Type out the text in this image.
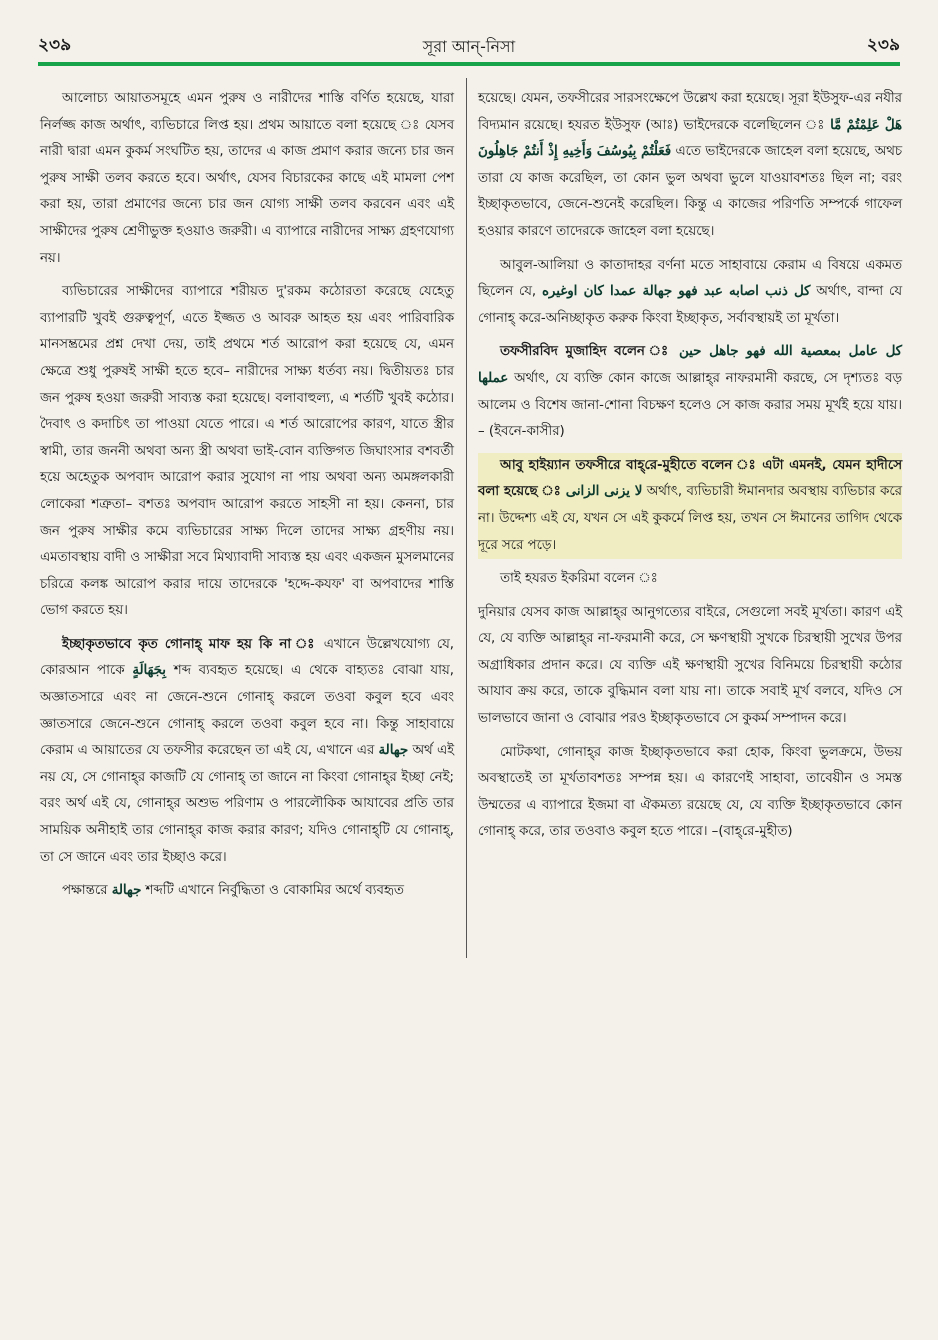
২৩৯	সূরা আন্‌-নিসা	২৩৯

আলোচ্য আয়াতসমূহে এমন পুরুষ ও নারীদের শাস্তি বর্ণিত হয়েছে, যারা নির্লজ্জ কাজ অর্থাৎ, ব্যভিচারে লিপ্ত হয়। প্রথম আয়াতে বলা হয়েছে ঃ যেসব নারী দ্বারা এমন কুকর্ম সংঘটিত হয়, তাদের এ কাজ প্রমাণ করার জন্যে চার জন পুরুষ সাক্ষী তলব করতে হবে। অর্থাৎ, যেসব বিচারকের কাছে এই মামলা পেশ করা হয়, তারা প্রমাণের জন্যে চার জন যোগ্য সাক্ষী তলব করবেন এবং এই সাক্ষীদের পুরুষ শ্রেণীভুক্ত হওয়াও জরুরী। এ ব্যাপারে নারীদের সাক্ষ্য গ্রহণযোগ্য নয়।

ব্যভিচারের সাক্ষীদের ব্যাপারে শরীয়ত দু'রকম কঠোরতা করেছে যেহেতু ব্যাপারটি খুবই গুরুত্বপূর্ণ, এতে ইজ্জত ও আবরু আহত হয় এবং পারিবারিক মানসম্ভ্রমের প্রশ্ন দেখা দেয়, তাই প্রথমে শর্ত আরোপ করা হয়েছে যে, এমন ক্ষেত্রে শুধু পুরুষই সাক্ষী হতে হবে– নারীদের সাক্ষ্য ধর্তব্য নয়। দ্বিতীয়তঃ চার জন পুরুষ হওয়া জরুরী সাব্যস্ত করা হয়েছে। বলাবাহুল্য, এ শর্তটি খুবই কঠোর। দৈবাৎ ও কদাচিৎ তা পাওয়া যেতে পারে। এ শর্ত আরোপের কারণ, যাতে স্ত্রীর স্বামী, তার জননী অথবা অন্য স্ত্রী অথবা ভাই-বোন ব্যক্তিগত জিঘাংসার বশবর্তী হয়ে অহেতুক অপবাদ আরোপ করার সুযোগ না পায় অথবা অন্য অমঙ্গলকারী লোকেরা শত্রুতা– বশতঃ অপবাদ আরোপ করতে সাহসী না হয়। কেননা, চার জন পুরুষ সাক্ষীর কমে ব্যভিচারের সাক্ষ্য দিলে তাদের সাক্ষ্য গ্রহণীয় নয়। এমতাবস্থায় বাদী ও সাক্ষীরা সবে মিথ্যাবাদী সাব্যস্ত হয় এবং একজন মুসলমানের চরিত্রে কলঙ্ক আরোপ করার দায়ে তাদেরকে 'হদ্দে-কযফ' বা অপবাদের শাস্তি ভোগ করতে হয়।

ইচ্ছাকৃতভাবে কৃত গোনাহ্ মাফ হয় কি না ঃ এখানে উল্লেখযোগ্য যে, কোরআন পাকে بِجَهَالَةٍ শব্দ ব্যবহৃত হয়েছে। এ থেকে বাহ্যতঃ বোঝা যায়, অজ্ঞাতসারে এবং না জেনে-শুনে গোনাহ্ করলে তওবা কবুল হবে এবং জ্ঞাতসারে জেনে-শুনে গোনাহ্ করলে তওবা কবুল হবে না। কিন্তু সাহাবায়ে কেরাম এ আয়াতের যে তফসীর করেছেন তা এই যে, এখানে এর جهالة অর্থ এই নয় যে, সে গোনাহ্‌র কাজটি যে গোনাহ্ তা জানে না কিংবা গোনাহ্‌র ইচ্ছা নেই; বরং অর্থ এই যে, গোনাহ্‌র অশুভ পরিণাম ও পারলৌকিক আযাবের প্রতি তার সাময়িক অনীহাই তার গোনাহ্‌র কাজ করার কারণ; যদিও গোনাহ্‌টি যে গোনাহ্, তা সে জানে এবং তার ইচ্ছাও করে।

পক্ষান্তরে جهالة শব্দটি এখানে নির্বুদ্ধিতা ও বোকামির অর্থে ব্যবহৃত

হয়েছে। যেমন, তফসীরের সারসংক্ষেপে উল্লেখ করা হয়েছে। সূরা ইউসুফ-এর নযীর বিদ্যমান রয়েছে। হযরত ইউসুফ (আঃ) ভাইদেরকে বলেছিলেন ঃ هَلْ عَلِمْتُمْ مَّا فَعَلْتُمْ بِيُوسُفَ وَأَخِيهِ إِذْ أَنتُمْ جَاهِلُونَ এতে ভাইদেরকে জাহেল বলা হয়েছে, অথচ তারা যে কাজ করেছিল, তা কোন ভুল অথবা ভুলে যাওয়াবশতঃ ছিল না; বরং ইচ্ছাকৃতভাবে, জেনে-শুনেই করেছিল। কিন্তু এ কাজের পরিণতি সম্পর্কে গাফেল হওয়ার কারণে তাদেরকে জাহেল বলা হয়েছে।

আবুল-আলিয়া ও কাতাদাহর বর্ণনা মতে সাহাবায়ে কেরাম এ বিষয়ে একমত ছিলেন যে, كل ذنب اصابه عبد فهو جهالة عمدا كان اوغيره অর্থাৎ, বান্দা যে গোনাহ্ করে-অনিচ্ছাকৃত করুক কিংবা ইচ্ছাকৃত, সর্বাবস্থায়ই তা মূর্খতা।

তফসীরবিদ মুজাহিদ বলেন ঃ كل عامل بمعصية الله فهو جاهل حين عملها অর্থাৎ, যে ব্যক্তি কোন কাজে আল্লাহ্‌র নাফরমানী করছে, সে দৃশ্যতঃ বড় আলেম ও বিশেষ জানা-শোনা বিচক্ষণ হলেও সে কাজ করার সময় মূর্খই হয়ে যায়। – (ইবনে-কাসীর)

আবু হাইয়্যান তফসীরে বাহ্‌রে-মুহীতে বলেন ঃ এটা এমনই, যেমন হাদীসে বলা হয়েছে ঃ لا يزنى الزانى অর্থাৎ, ব্যভিচারী ঈমানদার অবস্থায় ব্যভিচার করে না। উদ্দেশ্য এই যে, যখন সে এই কুকর্মে লিপ্ত হয়, তখন সে ঈমানের তাগিদ থেকে দূরে সরে পড়ে।

তাই হযরত ইকরিমা বলেন ঃ

দুনিয়ার যেসব কাজ আল্লাহ্‌র আনুগত্যের বাইরে, সেগুলো সবই মূর্খতা। কারণ এই যে, যে ব্যক্তি আল্লাহ্‌র না-ফরমানী করে, সে ক্ষণস্থায়ী সুখকে চিরস্থায়ী সুখের উপর অগ্রাধিকার প্রদান করে। যে ব্যক্তি এই ক্ষণস্থায়ী সুখের বিনিময়ে চিরস্থায়ী কঠোর আযাব ক্রয় করে, তাকে বুদ্ধিমান বলা যায় না। তাকে সবাই মূর্খ বলবে, যদিও সে ভালভাবে জানা ও বোঝার পরও ইচ্ছাকৃতভাবে সে কুকর্ম সম্পাদন করে।

মোটকথা, গোনাহ্‌র কাজ ইচ্ছাকৃতভাবে করা হোক, কিংবা ভুলক্রমে, উভয় অবস্থাতেই তা মূর্খতাবশতঃ সম্পন্ন হয়। এ কারণেই সাহাবা, তাবেয়ীন ও সমস্ত উম্মতের এ ব্যাপারে ইজমা বা ঐকমত্য রয়েছে যে, যে ব্যক্তি ইচ্ছাকৃতভাবে কোন গোনাহ্ করে, তার তওবাও কবুল হতে পারে। –(বাহ্‌রে-মুহীত)
